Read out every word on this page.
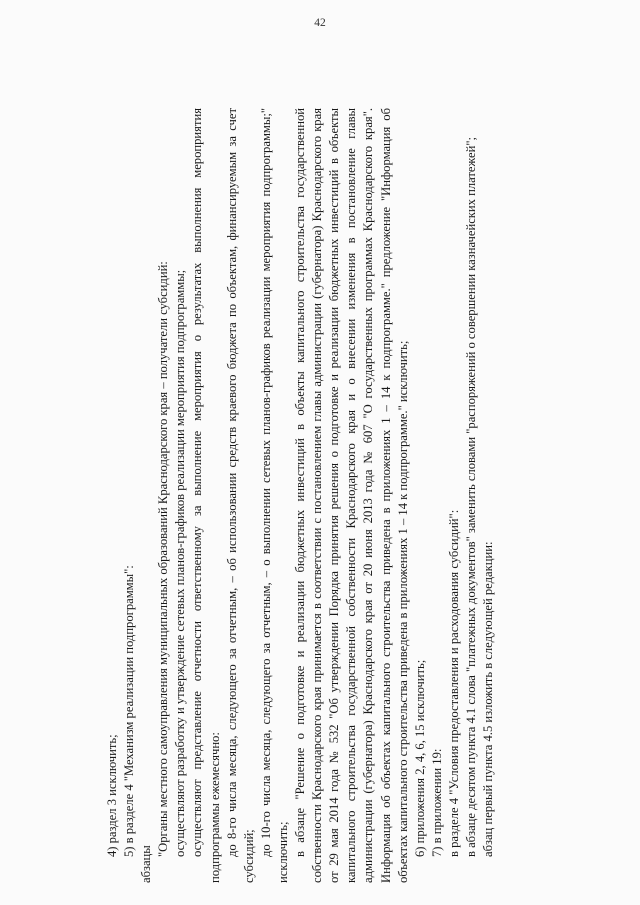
42

4) раздел 3 исключить; 5) в разделе 4 "Механизм реализации подпрограммы":

абзацы

"Органы местного самоуправления муниципальных образований Краснодарского края – получатели субсидий: осуществляют разработку и утверждение сетевых планов-графиков реализации мероприятия подпрограммы; осуществляют представление отчетности ответственному за выполнение мероприятия о результатах выполнения мероприятия подпрограммы ежемесячно: до 8-го числа месяца, следующего за отчетным, – об использовании средств краевого бюджета по объектам, финансируемым за счет субсидий; до 10-го числа месяца, следующего за отчетным, – о выполнении сетевых планов-графиков реализации мероприятия подпрограммы;" исключить; в абзаце "Решение о подготовке и реализации бюджетных инвестиций в объекты капитального строительства государственной собственности Краснодарского края принимается в соответствии с постановлением главы администрации (губернатора) Краснодарского края от 29 мая 2014 года № 532 "Об утверждении Порядка принятия решения о подготовке и реализации бюджетных инвестиций в объекты капитального строительства государственной собственности Краснодарского края и о внесении изменения в постановление главы администрации (губернатора) Краснодарского края от 20 июня 2013 года № 607 "О государственных программах Краснодарского края". Информация об объектах капитального строительства приведена в приложениях 1 – 14 к подпрограмме." предложение "Информация об объектах капитального строительства приведена в приложениях 1 – 14 к подпрограмме." исключить; 6) приложения 2, 4, 6, 15 исключить; 7) в приложении 19: в разделе 4 "Условия предоставления и расходования субсидий": в абзаце десятом пункта 4.1 слова "платежных документов" заменить словами "распоряжений о совершении казначейских платежей"; абзац первый пункта 4.5 изложить в следующей редакции:
